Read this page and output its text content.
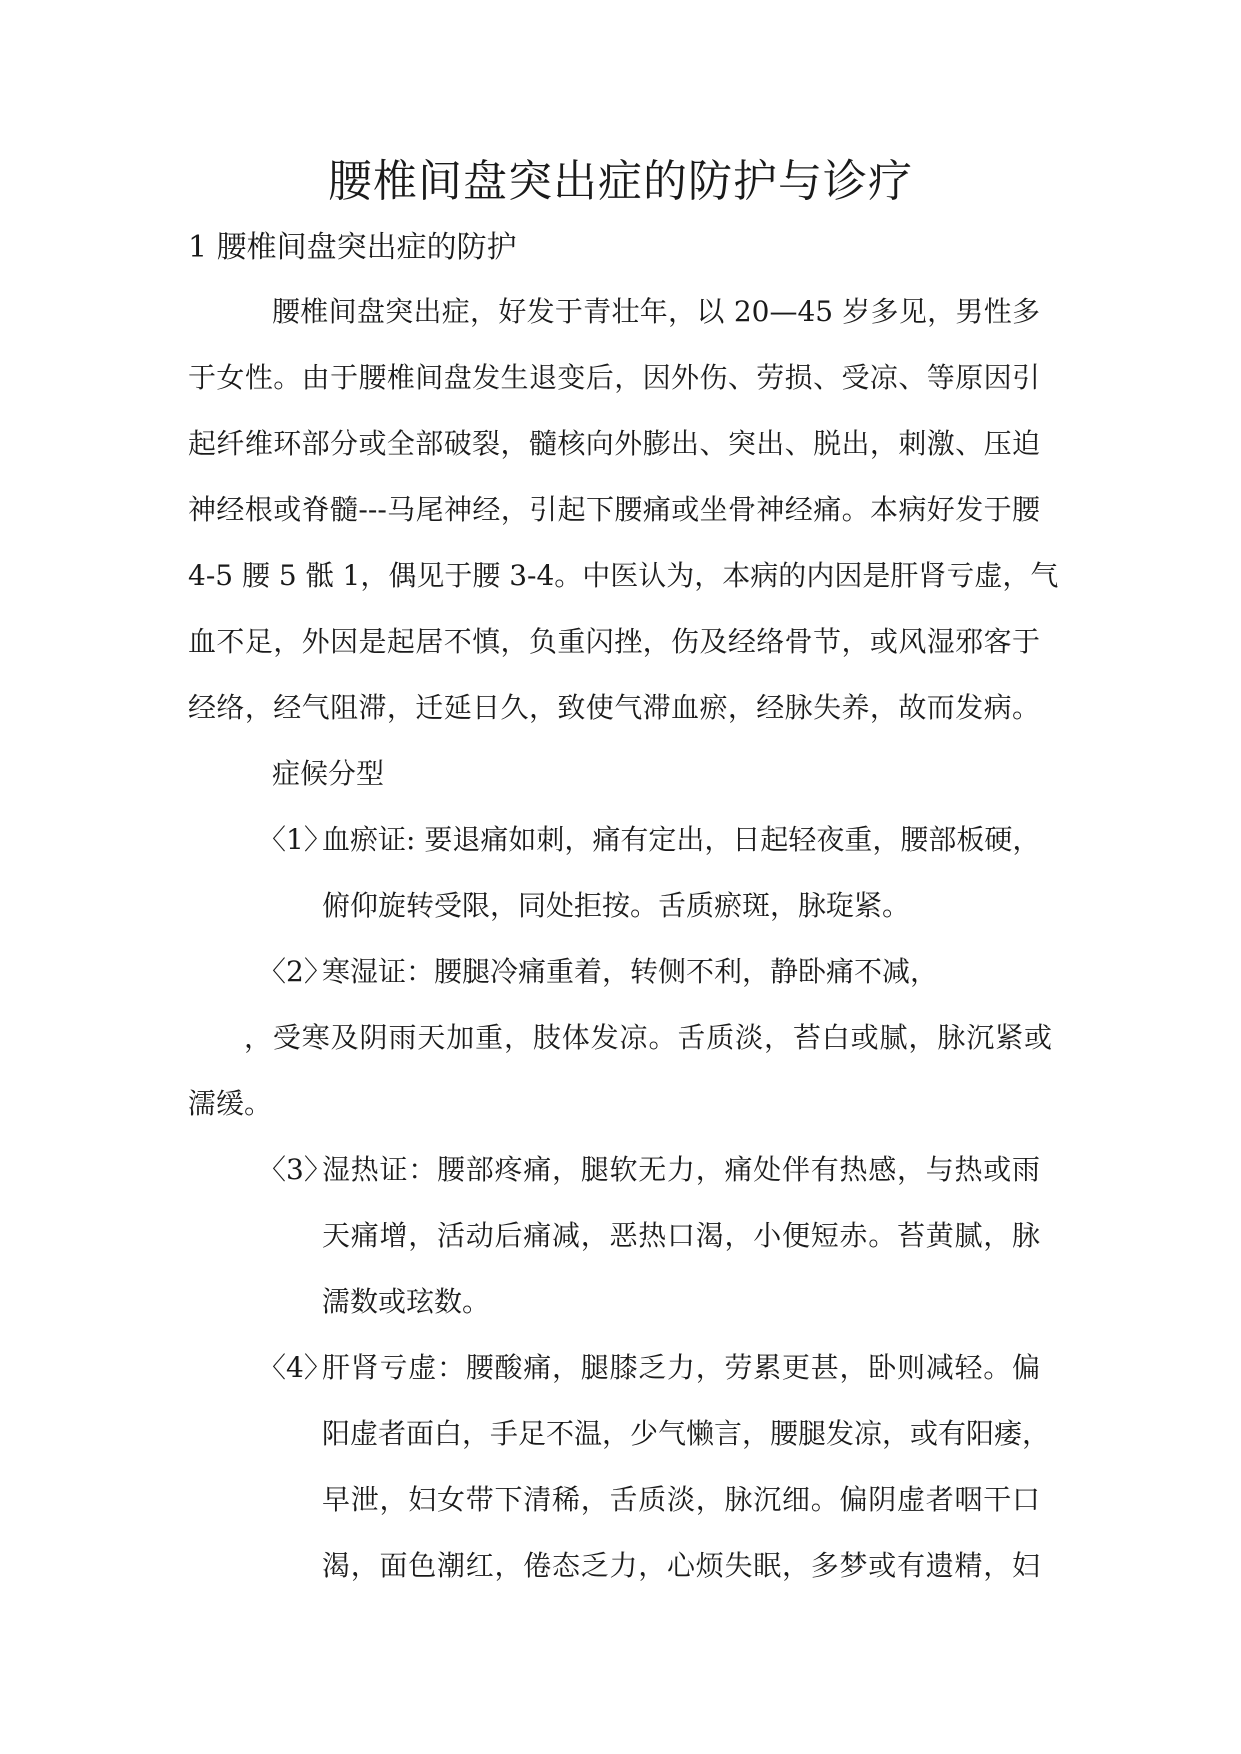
腰椎间盘突出症的防护与诊疗
1 腰椎间盘突出症的防护
腰椎间盘突出症，好发于青壮年，以 20—45 岁多见，男性多
于女性。由于腰椎间盘发生退变后，因外伤、劳损、受凉、等原因引
起纤维环部分或全部破裂，髓核向外膨出、突出、脱出，刺激、压迫
神经根或脊髓---马尾神经，引起下腰痛或坐骨神经痛。本病好发于腰
4-5 腰 5 骶 1，偶见于腰 3-4。中医认为，本病的内因是肝肾亏虚，气
血不足，外因是起居不慎，负重闪挫，伤及经络骨节，或风湿邪客于
经络，经气阻滞，迁延日久，致使气滞血瘀，经脉失养，故而发病。
症候分型
〈1〉
血瘀证: 要退痛如刺，痛有定出，日起轻夜重，腰部板硬，
俯仰旋转受限，同处拒按。舌质瘀斑，脉琁紧。
〈2〉
寒湿证：腰腿冷痛重着，转侧不利，静卧痛不减，
，受寒及阴雨天加重，肢体发凉。舌质淡，苔白或腻，脉沉紧或
濡缓。
〈3〉
湿热证：腰部疼痛，腿软无力，痛处伴有热感，与热或雨
天痛增，活动后痛减，恶热口渴，小便短赤。苔黄腻，脉
濡数或玹数。
〈4〉
肝肾亏虚：腰酸痛，腿膝乏力，劳累更甚，卧则减轻。偏
阳虚者面白，手足不温，少气懒言，腰腿发凉，或有阳痿，
早泄，妇女带下清稀，舌质淡，脉沉细。偏阴虚者咽干口
渴，面色潮红，倦态乏力，心烦失眠，多梦或有遗精，妇
